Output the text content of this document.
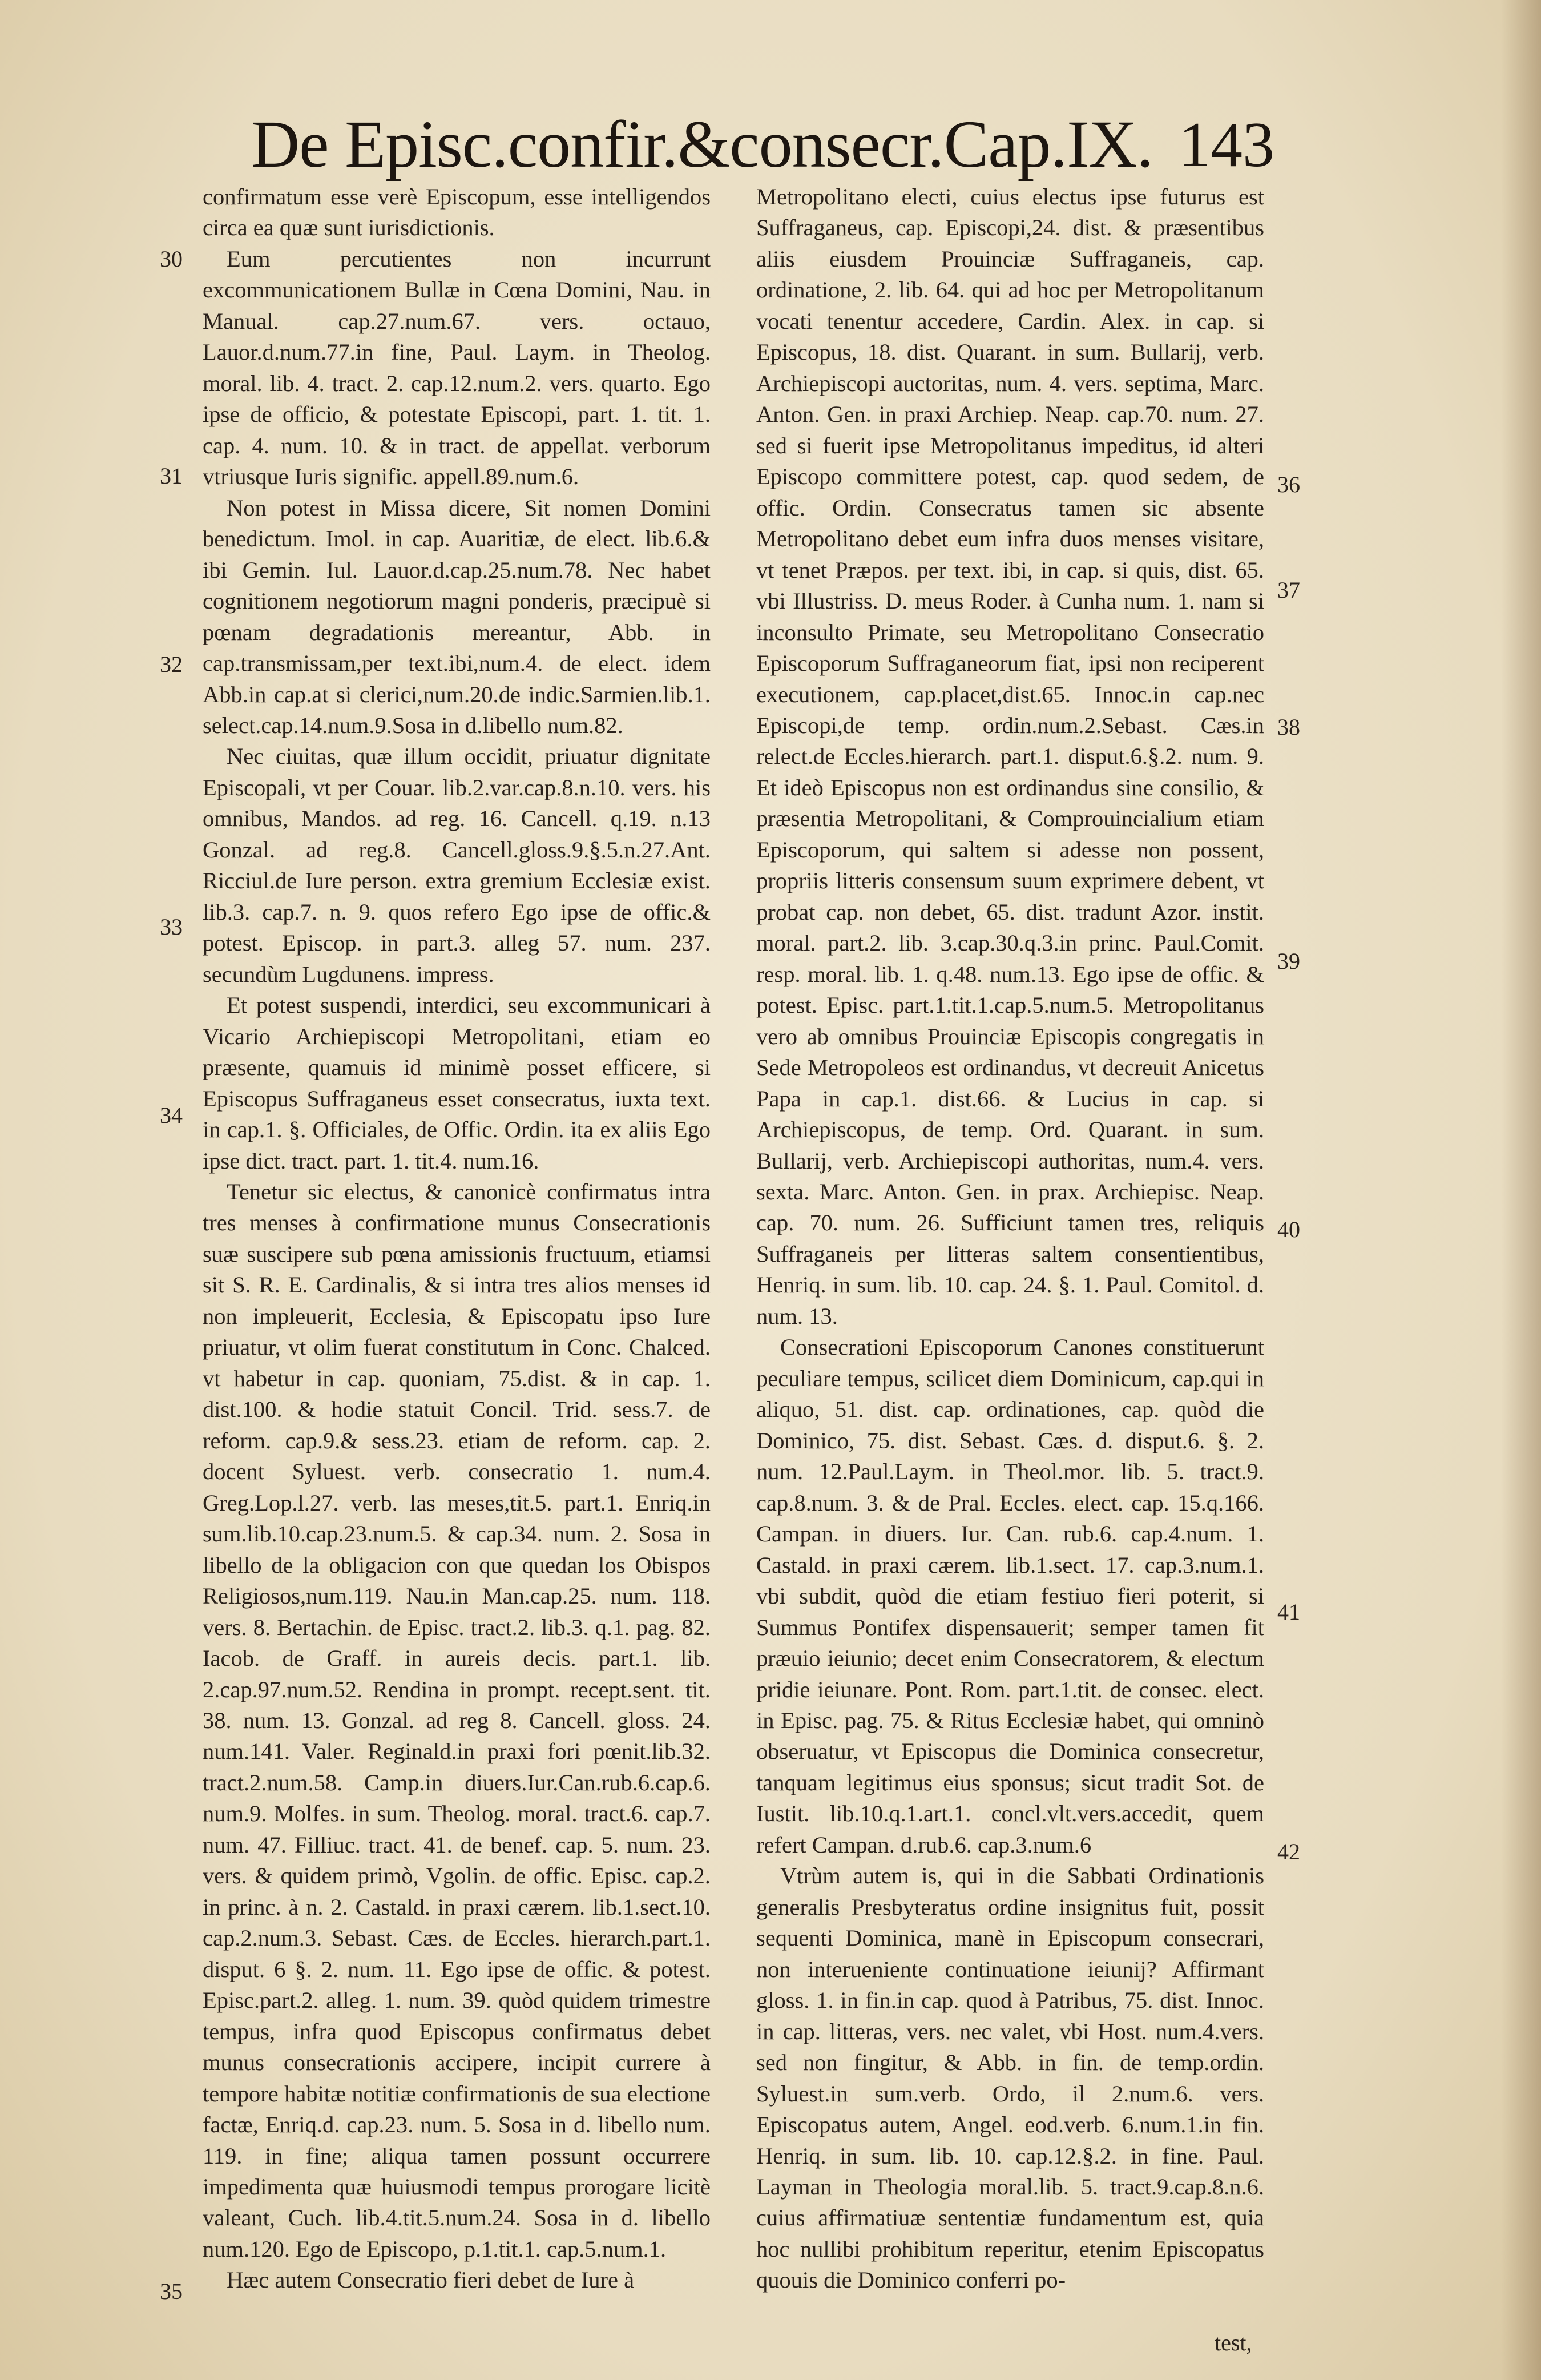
De Episc.confir.&consecr.Cap.IX. 143

confirmatum esse verè Episcopum, esse intelligendos circa ea quæ sunt iurisdictionis.

Eum percutientes non incurrunt excommunicationem Bullæ in Cœna Domini, Nau. in Manual. cap.27.num.67. vers. octauo, Lauor.d.num.77.in fine, Paul. Laym. in Theolog. moral. lib. 4. tract. 2. cap.12.num.2. vers. quarto. Ego ipse de officio, & potestate Episcopi, part. 1. tit. 1. cap. 4. num. 10. & in tract. de appellat. verborum vtriusque Iuris signific. appell.89.num.6.

Non potest in Missa dicere, Sit nomen Domini benedictum. Imol. in cap. Auaritiæ, de elect. lib.6.& ibi Gemin. Iul. Lauor.d.cap.25.num.78. Nec habet cognitionem negotiorum magni ponderis, præcipuè si pœnam degradationis mereantur, Abb. in cap.transmissam,per text.ibi,num.4. de elect. idem Abb.in cap.at si clerici,num.20.de indic.Sarmien.lib.1. select.cap.14.num.9.Sosa in d.libello num.82.

Nec ciuitas, quæ illum occidit, priuatur dignitate Episcopali, vt per Couar. lib.2.var.cap.8.n.10. vers. his omnibus, Mandos. ad reg. 16. Cancell. q.19. n.13 Gonzal. ad reg.8. Cancell.gloss.9.§.5.n.27.Ant. Ricciul.de Iure person. extra gremium Ecclesiæ exist. lib.3. cap.7. n. 9. quos refero Ego ipse de offic.& potest. Episcop. in part.3. alleg 57. num. 237. secundùm Lugdunens. impress.

Et potest suspendi, interdici, seu excommunicari à Vicario Archiepiscopi Metropolitani, etiam eo præsente, quamuis id minimè posset efficere, si Episcopus Suffraganeus esset consecratus, iuxta text. in cap.1. §. Officiales, de Offic. Ordin. ita ex aliis Ego ipse dict. tract. part. 1. tit.4. num.16.

Tenetur sic electus, & canonicè confirmatus intra tres menses à confirmatione munus Consecrationis suæ suscipere sub pœna amissionis fructuum, etiamsi sit S. R. E. Cardinalis, & si intra tres alios menses id non impleuerit, Ecclesia, & Episcopatu ipso Iure priuatur, vt olim fuerat constitutum in Conc. Chalced. vt habetur in cap. quoniam, 75.dist. & in cap. 1. dist.100. & hodie statuit Concil. Trid. sess.7. de reform. cap.9.& sess.23. etiam de reform. cap. 2. docent Syluest. verb. consecratio 1. num.4. Greg.Lop.l.27. verb. las meses,tit.5. part.1. Enriq.in sum.lib.10.cap.23.num.5. & cap.34. num. 2. Sosa in libello de la obligacion con que quedan los Obispos Religiosos,num.119. Nau.in Man.cap.25. num. 118. vers. 8. Bertachin. de Episc. tract.2. lib.3. q.1. pag. 82. Iacob. de Graff. in aureis decis. part.1. lib. 2.cap.97.num.52. Rendina in prompt. recept.sent. tit. 38. num. 13. Gonzal. ad reg 8. Cancell. gloss. 24. num.141. Valer. Reginald.in praxi fori pœnit.lib.32. tract.2.num.58. Camp.in diuers.Iur.Can.rub.6.cap.6. num.9. Molfes. in sum. Theolog. moral. tract.6. cap.7. num. 47. Filliuc. tract. 41. de benef. cap. 5. num. 23. vers. & quidem primò, Vgolin. de offic. Episc. cap.2. in princ. à n. 2. Castald. in praxi cærem. lib.1.sect.10. cap.2.num.3. Sebast. Cæs. de Eccles. hierarch.part.1. disput. 6 §. 2. num. 11. Ego ipse de offic. & potest. Episc.part.2. alleg. 1. num. 39. quòd quidem trimestre tempus, infra quod Episcopus confirmatus debet munus consecrationis accipere, incipit currere à tempore habitæ notitiæ confirmationis de sua electione factæ, Enriq.d. cap.23. num. 5. Sosa in d. libello num. 119. in fine; aliqua tamen possunt occurrere impedimenta quæ huiusmodi tempus prorogare licitè valeant, Cuch. lib.4.tit.5.num.24. Sosa in d. libello num.120. Ego de Episcopo, p.1.tit.1. cap.5.num.1.

Hæc autem Consecratio fieri debet de Iure à

Metropolitano electi, cuius electus ipse futurus est Suffraganeus, cap. Episcopi,24. dist. & præsentibus aliis eiusdem Prouinciæ Suffraganeis, cap. ordinatione, 2. lib. 64. qui ad hoc per Metropolitanum vocati tenentur accedere, Cardin. Alex. in cap. si Episcopus, 18. dist. Quarant. in sum. Bullarij, verb. Archiepiscopi auctoritas, num. 4. vers. septima, Marc. Anton. Gen. in praxi Archiep. Neap. cap.70. num. 27. sed si fuerit ipse Metropolitanus impeditus, id alteri Episcopo committere potest, cap. quod sedem, de offic. Ordin. Consecratus tamen sic absente Metropolitano debet eum infra duos menses visitare, vt tenet Præpos. per text. ibi, in cap. si quis, dist. 65. vbi Illustriss. D. meus Roder. à Cunha num. 1. nam si inconsulto Primate, seu Metropolitano Consecratio Episcoporum Suffraganeorum fiat, ipsi non reciperent executionem, cap.placet,dist.65. Innoc.in cap.nec Episcopi,de temp. ordin.num.2.Sebast. Cæs.in relect.de Eccles.hierarch. part.1. disput.6.§.2. num. 9. Et ideò Episcopus non est ordinandus sine consilio, & præsentia Metropolitani, & Comprouincialium etiam Episcoporum, qui saltem si adesse non possent, propriis litteris consensum suum exprimere debent, vt probat cap. non debet, 65. dist. tradunt Azor. instit. moral. part.2. lib. 3.cap.30.q.3.in princ. Paul.Comit. resp. moral. lib. 1. q.48. num.13. Ego ipse de offic. & potest. Episc. part.1.tit.1.cap.5.num.5. Metropolitanus vero ab omnibus Prouinciæ Episcopis congregatis in Sede Metropoleos est ordinandus, vt decreuit Anicetus Papa in cap.1. dist.66. & Lucius in cap. si Archiepiscopus, de temp. Ord. Quarant. in sum. Bullarij, verb. Archiepiscopi authoritas, num.4. vers. sexta. Marc. Anton. Gen. in prax. Archiepisc. Neap. cap. 70. num. 26. Sufficiunt tamen tres, reliquis Suffraganeis per litteras saltem consentientibus, Henriq. in sum. lib. 10. cap. 24. §. 1. Paul. Comitol. d. num. 13.

Consecrationi Episcoporum Canones constituerunt peculiare tempus, scilicet diem Dominicum, cap.qui in aliquo, 51. dist. cap. ordinationes, cap. quòd die Dominico, 75. dist. Sebast. Cæs. d. disput.6. §. 2. num. 12.Paul.Laym. in Theol.mor. lib. 5. tract.9. cap.8.num. 3. & de Pral. Eccles. elect. cap. 15.q.166. Campan. in diuers. Iur. Can. rub.6. cap.4.num. 1. Castald. in praxi cærem. lib.1.sect. 17. cap.3.num.1. vbi subdit, quòd die etiam festiuo fieri poterit, si Summus Pontifex dispensauerit; semper tamen fit præuio ieiunio; decet enim Consecratorem, & electum pridie ieiunare. Pont. Rom. part.1.tit. de consec. elect. in Episc. pag. 75. & Ritus Ecclesiæ habet, qui omninò obseruatur, vt Episcopus die Dominica consecretur, tanquam legitimus eius sponsus; sicut tradit Sot. de Iustit. lib.10.q.1.art.1. concl.vlt.vers.accedit, quem refert Campan. d.rub.6. cap.3.num.6

Vtrùm autem is, qui in die Sabbati Ordinationis generalis Presbyteratus ordine insignitus fuit, possit sequenti Dominica, manè in Episcopum consecrari, non interueniente continuatione ieiunij? Affirmant gloss. 1. in fin.in cap. quod à Patribus, 75. dist. Innoc. in cap. litteras, vers. nec valet, vbi Host. num.4.vers. sed non fingitur, & Abb. in fin. de temp.ordin. Syluest.in sum.verb. Ordo, il 2.num.6. vers. Episcopatus autem, Angel. eod.verb. 6.num.1.in fin. Henriq. in sum. lib. 10. cap.12.§.2. in fine. Paul. Layman in Theologia moral.lib. 5. tract.9.cap.8.n.6. cuius affirmatiuæ sententiæ fundamentum est, quia hoc nullibi prohibitum reperitur, etenim Episcopatus quouis die Dominico conferri po-

30
31
32
33
34
35
36
37
38
39
40
41
42
test,
